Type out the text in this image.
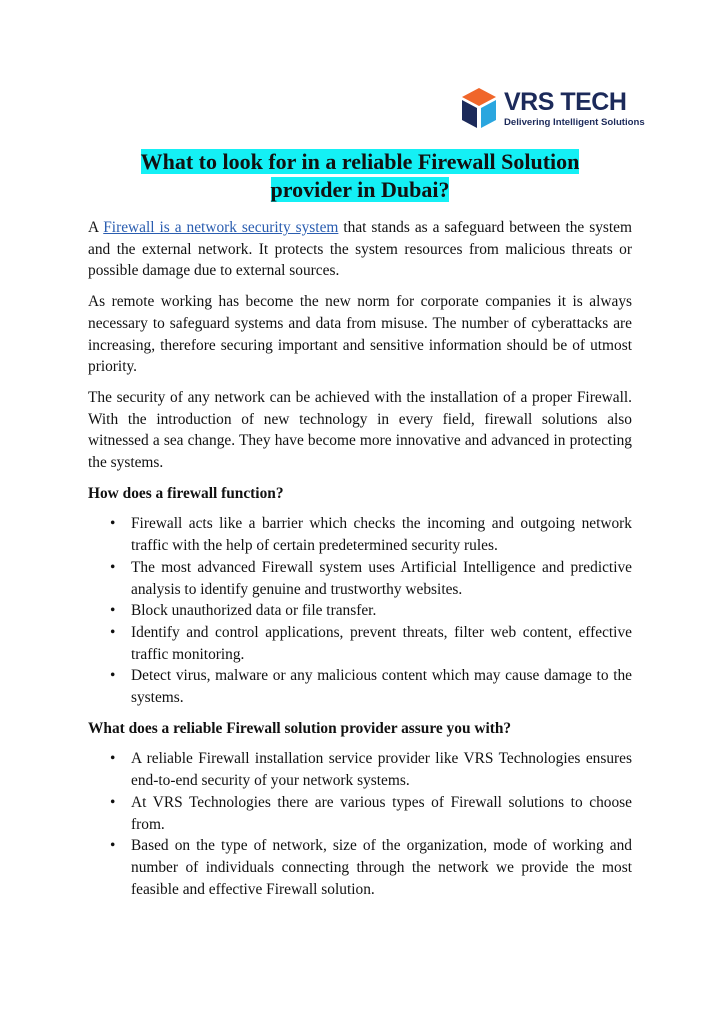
VRS TECH
Delivering Intelligent Solutions
What to look for in a reliable Firewall Solution
provider in Dubai?

A Firewall is a network security system that stands as a safeguard between the system and the external network. It protects the system resources from malicious threats or possible damage due to external sources.

As remote working has become the new norm for corporate companies it is always necessary to safeguard systems and data from misuse. The number of cyberattacks are increasing, therefore securing important and sensitive information should be of utmost priority.

The security of any network can be achieved with the installation of a proper Firewall. With the introduction of new technology in every field, firewall solutions also witnessed a sea change. They have become more innovative and advanced in protecting the systems.

How does a firewall function?
• Firewall acts like a barrier which checks the incoming and outgoing network traffic with the help of certain predetermined security rules.
• The most advanced Firewall system uses Artificial Intelligence and predictive analysis to identify genuine and trustworthy websites.
• Block unauthorized data or file transfer.
• Identify and control applications, prevent threats, filter web content, effective traffic monitoring.
• Detect virus, malware or any malicious content which may cause damage to the systems.
What does a reliable Firewall solution provider assure you with?
• A reliable Firewall installation service provider like VRS Technologies ensures end-to-end security of your network systems.
• At VRS Technologies there are various types of Firewall solutions to choose from.
• Based on the type of network, size of the organization, mode of working and number of individuals connecting through the network we provide the most feasible and effective Firewall solution.
